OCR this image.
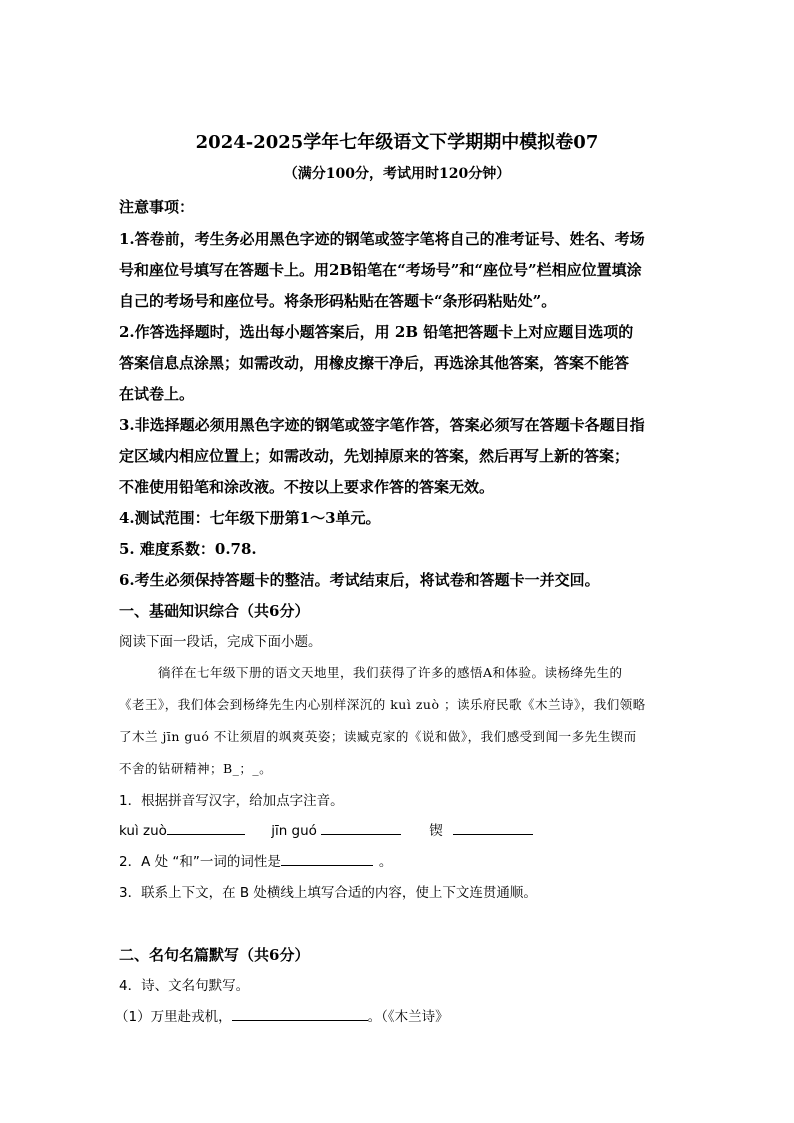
2024-2025学年七年级语文下学期期中模拟卷07
（满分100分，考试用时120分钟）
注意事项：
1.答卷前，考生务必用黑色字迹的钢笔或签字笔将自己的准考证号、姓名、考场
号和座位号填写在答题卡上。用2B铅笔在“考场号”和“座位号”栏相应位置填涂
自己的考场号和座位号。将条形码粘贴在答题卡“条形码粘贴处”。
2.作答选择题时，选出每小题答案后，用 2B 铅笔把答题卡上对应题目选项的
答案信息点涂黑；如需改动，用橡皮擦干净后，再选涂其他答案，答案不能答
在试卷上。
3.非选择题必须用黑色字迹的钢笔或签字笔作答，答案必须写在答题卡各题目指
定区域内相应位置上；如需改动，先划掉原来的答案，然后再写上新的答案；
不准使用铅笔和涂改液。不按以上要求作答的答案无效。
4.测试范围：七年级下册第1～3单元。
5. 难度系数：0.78.
6.考生必须保持答题卡的整洁。考试结束后，将试卷和答题卡一并交回。
一、基础知识综合（共6分）
阅读下面一段话，完成下面小题。
徜徉在七年级下册的语文天地里，我们获得了许多的感悟A和体验。读杨绛先生的
《老王》，我们体会到杨绛先生内心别样深沉的 kuì zuò ；读乐府民歌《木兰诗》，我们领略
了木兰 jīn guó 不让须眉的飒爽英姿；读臧克家的《说和做》，我们感受到闻一多先生锲而
不舍的钻研精神；B_；_。
1．根据拼音写汉字，给加点字注音。
kuì zuò	jīn guó	锲
2．A 处 “和”一词的词性是	。
3．联系上下文，在 B 处横线上填写合适的内容，使上下文连贯通顺。
二、名句名篇默写（共6分）
4．诗、文名句默写。
（1）万里赴戎机，	。（《木兰诗》
